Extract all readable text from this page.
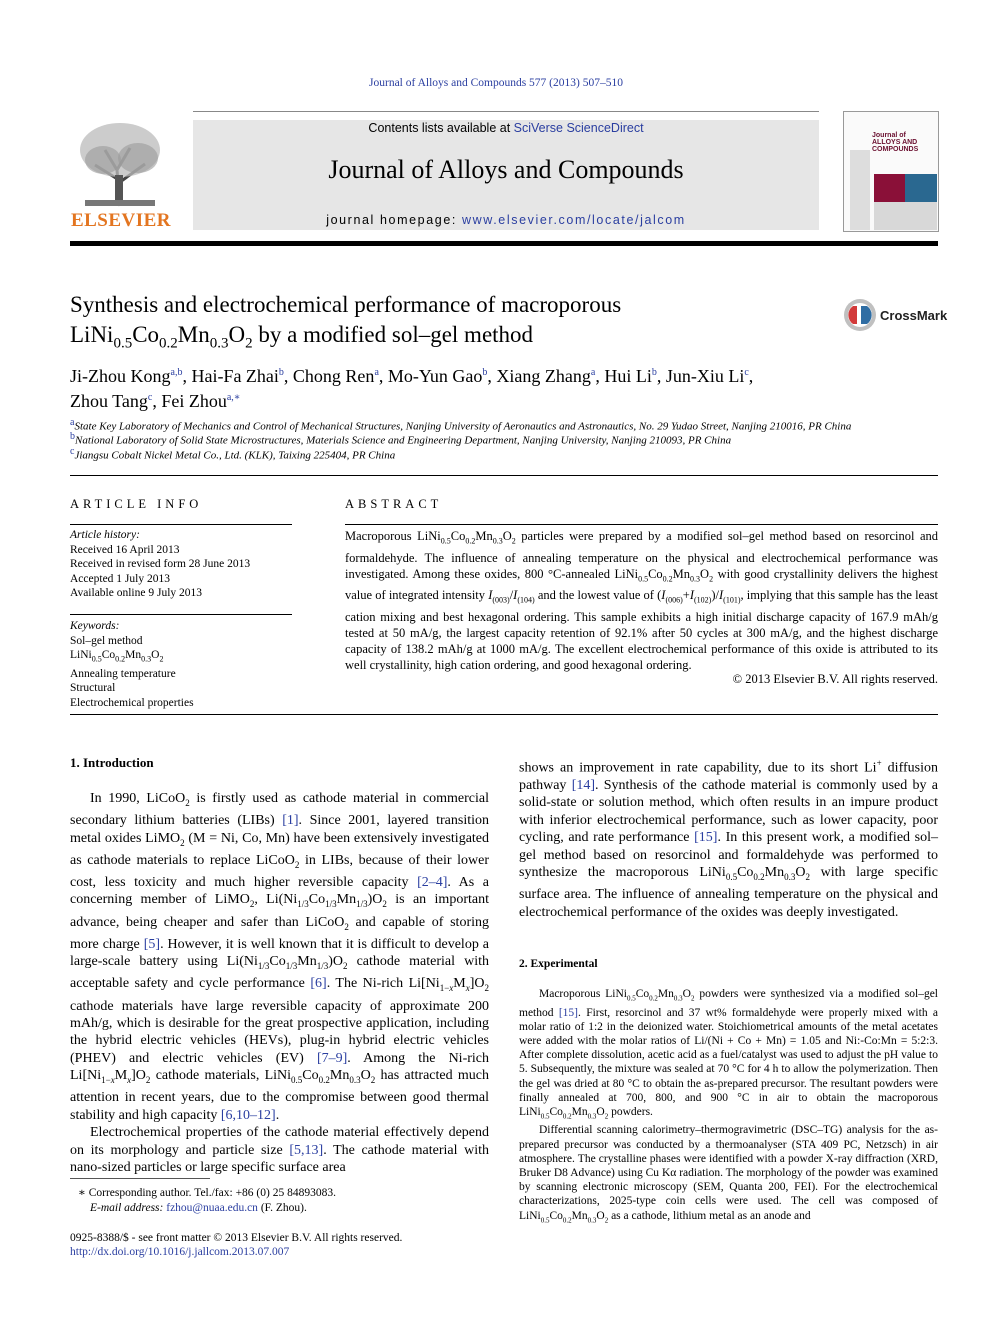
Journal of Alloys and Compounds 577 (2013) 507–510
ELSEVIER
Contents lists available at SciVerse ScienceDirect
Journal of Alloys and Compounds
journal homepage: www.elsevier.com/locate/jalcom
Journal of ALLOYS AND COMPOUNDS
Synthesis and electrochemical performance of macroporous
$LiNi_{0.5}Co_{0.2}Mn_{0.3}O_2$ by a modified sol–gel method
CrossMark
Ji-Zhou Kong$^{a,b}$, Hai-Fa Zhai$^b$, Chong Ren$^a$, Mo-Yun Gao$^b$, Xiang Zhang$^a$, Hui Li$^b$, Jun-Xiu Li$^c$,
Zhou Tang$^c$, Fei Zhou$^{a,∗}$
$^a$State Key Laboratory of Mechanics and Control of Mechanical Structures, Nanjing University of Aeronautics and Astronautics, No. 29 Yudao Street, Nanjing 210016, PR China
$^b$National Laboratory of Solid State Microstructures, Materials Science and Engineering Department, Nanjing University, Nanjing 210093, PR China
$^c$Jiangsu Cobalt Nickel Metal Co., Ltd. (KLK), Taixing 225404, PR China
ARTICLE INFO
Article history:
Received 16 April 2013
Received in revised form 28 June 2013
Accepted 1 July 2013
Available online 9 July 2013
Keywords:
Sol–gel method
$LiNi_{0.5}Co_{0.2}Mn_{0.3}O_2$
Annealing temperature
Structural
Electrochemical properties
ABSTRACT
Macroporous $LiNi_{0.5}Co_{0.2}Mn_{0.3}O_2$ particles were prepared by a modified sol–gel method based on resorcinol and formaldehyde. The influence of annealing temperature on the physical and electrochemical performance was investigated. Among these oxides, 800 °C-annealed $LiNi_{0.5}Co_{0.2}Mn_{0.3}O_2$ with good crystallinity delivers the highest value of integrated intensity $I_{(003)}/I_{(104)}$ and the lowest value of $(I_{(006)}+I_{(102)})/I_{(101)}$, implying that this sample has the least cation mixing and best hexagonal ordering. This sample exhibits a high initial discharge capacity of 167.9 mAh/g tested at 50 mA/g, the largest capacity retention of 92.1% after 50 cycles at 300 mA/g, and the highest discharge capacity of 138.2 mAh/g at 1000 mA/g. The excellent electrochemical performance of this oxide is attributed to its well crystallinity, high cation ordering, and good hexagonal ordering.
© 2013 Elsevier B.V. All rights reserved.
1. Introduction

In 1990, LiCoO$_2$ is firstly used as cathode material in commercial secondary lithium batteries (LIBs) [1]. Since 2001, layered transition metal oxides LiMO$_2$ (M = Ni, Co, Mn) have been extensively investigated as cathode materials to replace LiCoO$_2$ in LIBs, because of their lower cost, less toxicity and much higher reversible capacity [2–4]. As a concerning member of LiMO$_2$, $Li(Ni_{1/3}Co_{1/3}Mn_{1/3})O_2$ is an important advance, being cheaper and safer than LiCoO$_2$ and capable of storing more charge [5]. However, it is well known that it is difficult to develop a large-scale battery using $Li(Ni_{1/3}Co_{1/3}Mn_{1/3})O_2$ cathode material with acceptable safety and cycle performance [6]. The Ni-rich $Li[Ni_{1-x}M_x]O_2$ cathode materials have large reversible capacity of approximate 200 mAh/g, which is desirable for the great prospective application, including the hybrid electric vehicles (HEVs), plug-in hybrid electric vehicles (PHEV) and electric vehicles (EV) [7–9]. Among the Ni-rich $Li[Ni_{1-x}M_x]O_2$ cathode materials, $LiNi_{0.5}Co_{0.2}Mn_{0.3}O_2$ has attracted much attention in recent years, due to the compromise between good thermal stability and high capacity [6,10–12].

Electrochemical properties of the cathode material effectively depend on its morphology and particle size [5,13]. The cathode material with nano-sized particles or large specific surface area

shows an improvement in rate capability, due to its short Li+ diffusion pathway [14]. Synthesis of the cathode material is commonly used by a solid-state or solution method, which often results in an impure product with inferior electrochemical performance, such as lower capacity, poor cycling, and rate performance [15]. In this present work, a modified sol–gel method based on resorcinol and formaldehyde was performed to synthesize the macroporous $LiNi_{0.5}Co_{0.2}Mn_{0.3}O_2$ with large specific surface area. The influence of annealing temperature on the physical and electrochemical performance of the oxides was deeply investigated.

2. Experimental

Macroporous $LiNi_{0.5}Co_{0.2}Mn_{0.3}O_2$ powders were synthesized via a modified sol–gel method [15]. First, resorcinol and 37 wt% formaldehyde were properly mixed with a molar ratio of 1:2 in the deionized water. Stoichiometrical amounts of the metal acetates were added with the molar ratios of Li/(Ni + Co + Mn) = 1.05 and Ni:-Co:Mn = 5:2:3. After complete dissolution, acetic acid as a fuel/catalyst was used to adjust the pH value to 5. Subsequently, the mixture was sealed at 70 °C for 4 h to allow the polymerization. Then the gel was dried at 80 °C to obtain the as-prepared precursor. The resultant powders were finally annealed at 700, 800, and 900 °C in air to obtain the macroporous $LiNi_{0.5}Co_{0.2}Mn_{0.3}O_2$ powders.

Differential scanning calorimetry–thermogravimetric (DSC–TG) analysis for the as-prepared precursor was conducted by a thermoanalyser (STA 409 PC, Netzsch) in air atmosphere. The crystalline phases were identified with a powder X-ray diffraction (XRD, Bruker D8 Advance) using Cu Kα radiation. The morphology of the powder was examined by scanning electronic microscopy (SEM, Quanta 200, FEI). For the electrochemical characterizations, 2025-type coin cells were used. The cell was composed of $LiNi_{0.5}Co_{0.2}Mn_{0.3}O_2$ as a cathode, lithium metal as an anode and

∗ Corresponding author. Tel./fax: +86 (0) 25 84893083.
E-mail address: fzhou@nuaa.edu.cn (F. Zhou).
0925-8388/$ - see front matter © 2013 Elsevier B.V. All rights reserved.
http://dx.doi.org/10.1016/j.jallcom.2013.07.007
